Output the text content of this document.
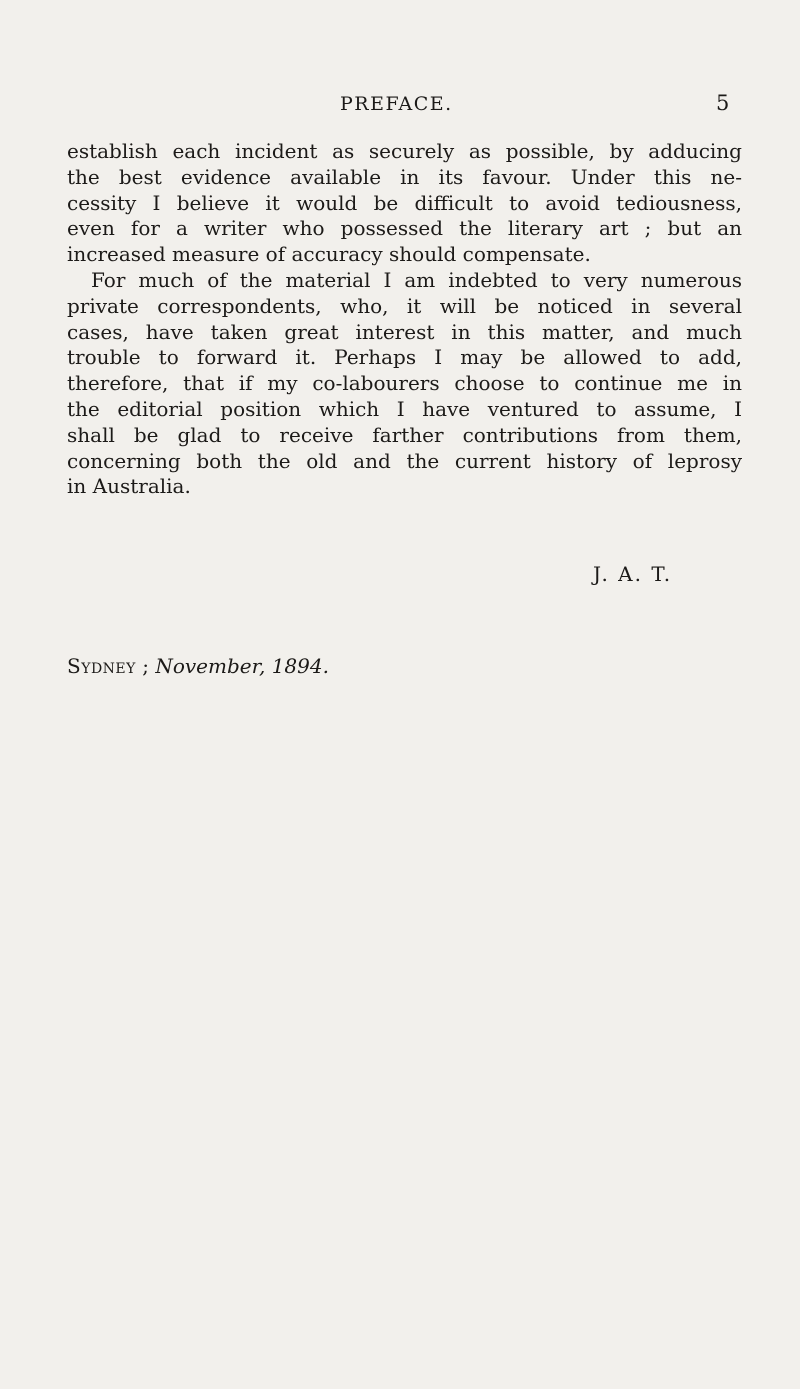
PREFACE.	5
establish each incident as securely as possible, by adducing
the best evidence available in its favour. Under this ne-
cessity I believe it would be difficult to avoid tediousness,
even for a writer who possessed the literary art ; but an
increased measure of accuracy should compensate.
For much of the material I am indebted to very numerous
private correspondents, who, it will be noticed in several
cases, have taken great interest in this matter, and much
trouble to forward it. Perhaps I may be allowed to add,
therefore, that if my co-labourers choose to continue me in
the editorial position which I have ventured to assume, I
shall be glad to receive farther contributions from them,
concerning both the old and the current history of leprosy
in Australia.
J. A. T.
Sydney ; November, 1894.
